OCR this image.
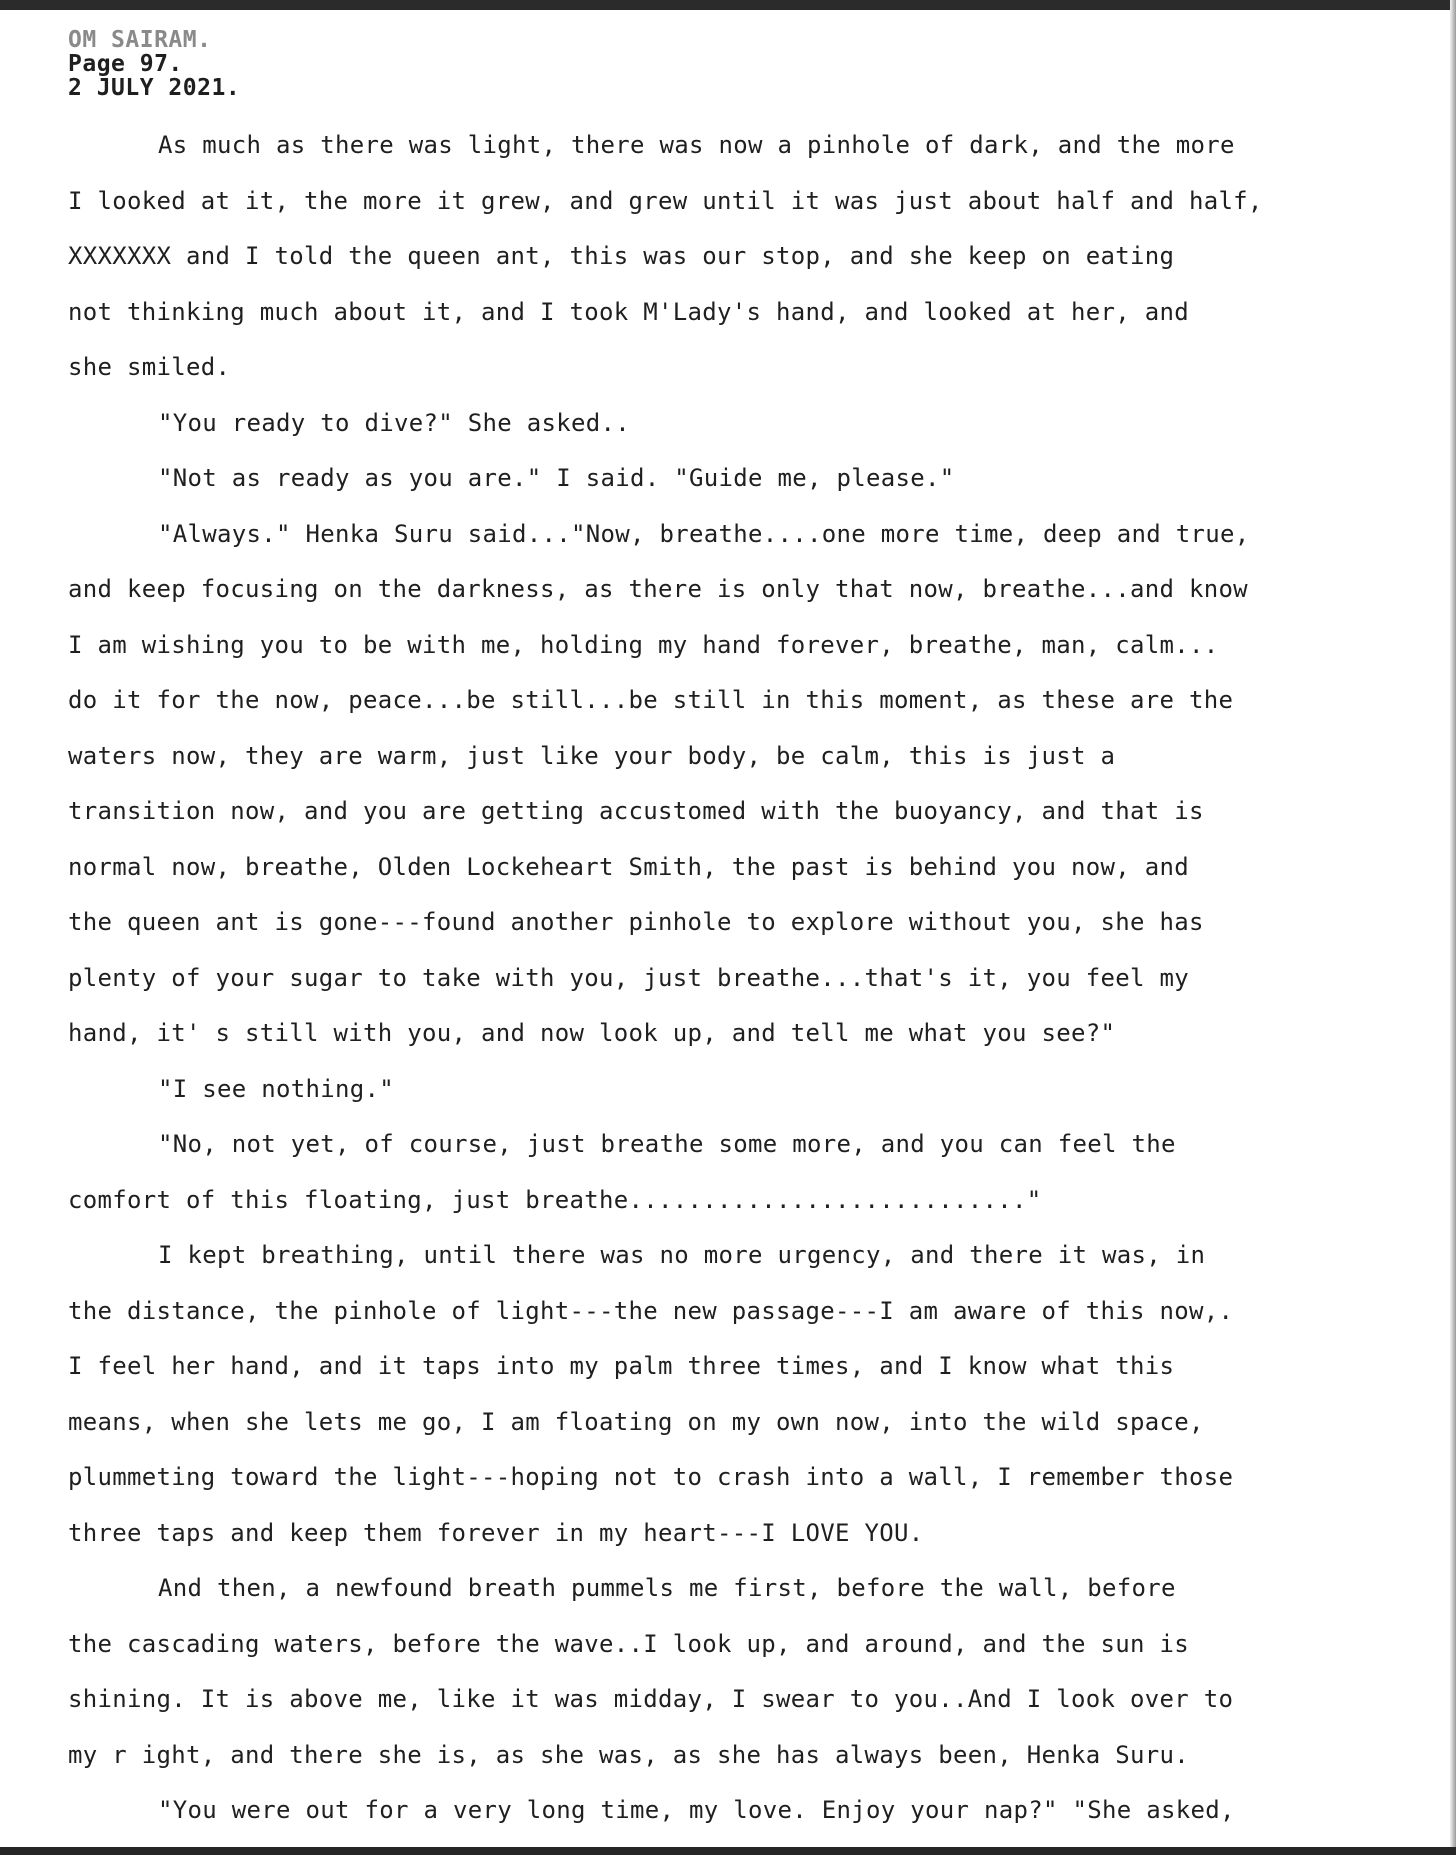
OM SAIRAM.
Page 97.
2 JULY 2021.
As much as there was light, there was now a pinhole of dark, and the more
I looked at it, the more it grew, and grew until it was just about half and half,
XXXXXXX and I told the queen ant, this was our stop, and she keep on eating
not thinking much about it, and I took M'Lady's hand, and looked at her, and
she smiled.
"You ready to dive?" She asked..
"Not as ready as you are." I said. "Guide me, please."
"Always." Henka Suru said..."Now, breathe....one more time, deep and true,
and keep focusing on the darkness, as there is only that now, breathe...and know
I am wishing you to be with me, holding my hand forever, breathe, man, calm...
do it for the now, peace...be still...be still in this moment, as these are the
waters now, they are warm, just like your body, be calm, this is just a
transition now, and you are getting accustomed with the buoyancy, and that is
normal now, breathe, Olden Lockeheart Smith, the past is behind you now, and
the queen ant is gone---found another pinhole to explore without you, she has
plenty of your sugar to take with you, just breathe...that's it, you feel my
hand, it' s still with you, and now look up, and tell me what you see?"
"I see nothing."
"No, not yet, of course, just breathe some more, and you can feel the
comfort of this floating, just breathe..........................."
I kept breathing, until there was no more urgency, and there it was, in
the distance, the pinhole of light---the new passage---I am aware of this now,.
I feel her hand, and it taps into my palm three times, and I know what this
means, when she lets me go, I am floating on my own now, into the wild space,
plummeting toward the light---hoping not to crash into a wall, I remember those
three taps and keep them forever in my heart---I LOVE YOU.
And then, a newfound breath pummels me first, before the wall, before
the cascading waters, before the wave..I look up, and around, and the sun is
shining. It is above me, like it was midday, I swear to you..And I look over to
my r ight, and there she is, as she was, as she has always been, Henka Suru.
"You were out for a very long time, my love. Enjoy your nap?" "She asked,
